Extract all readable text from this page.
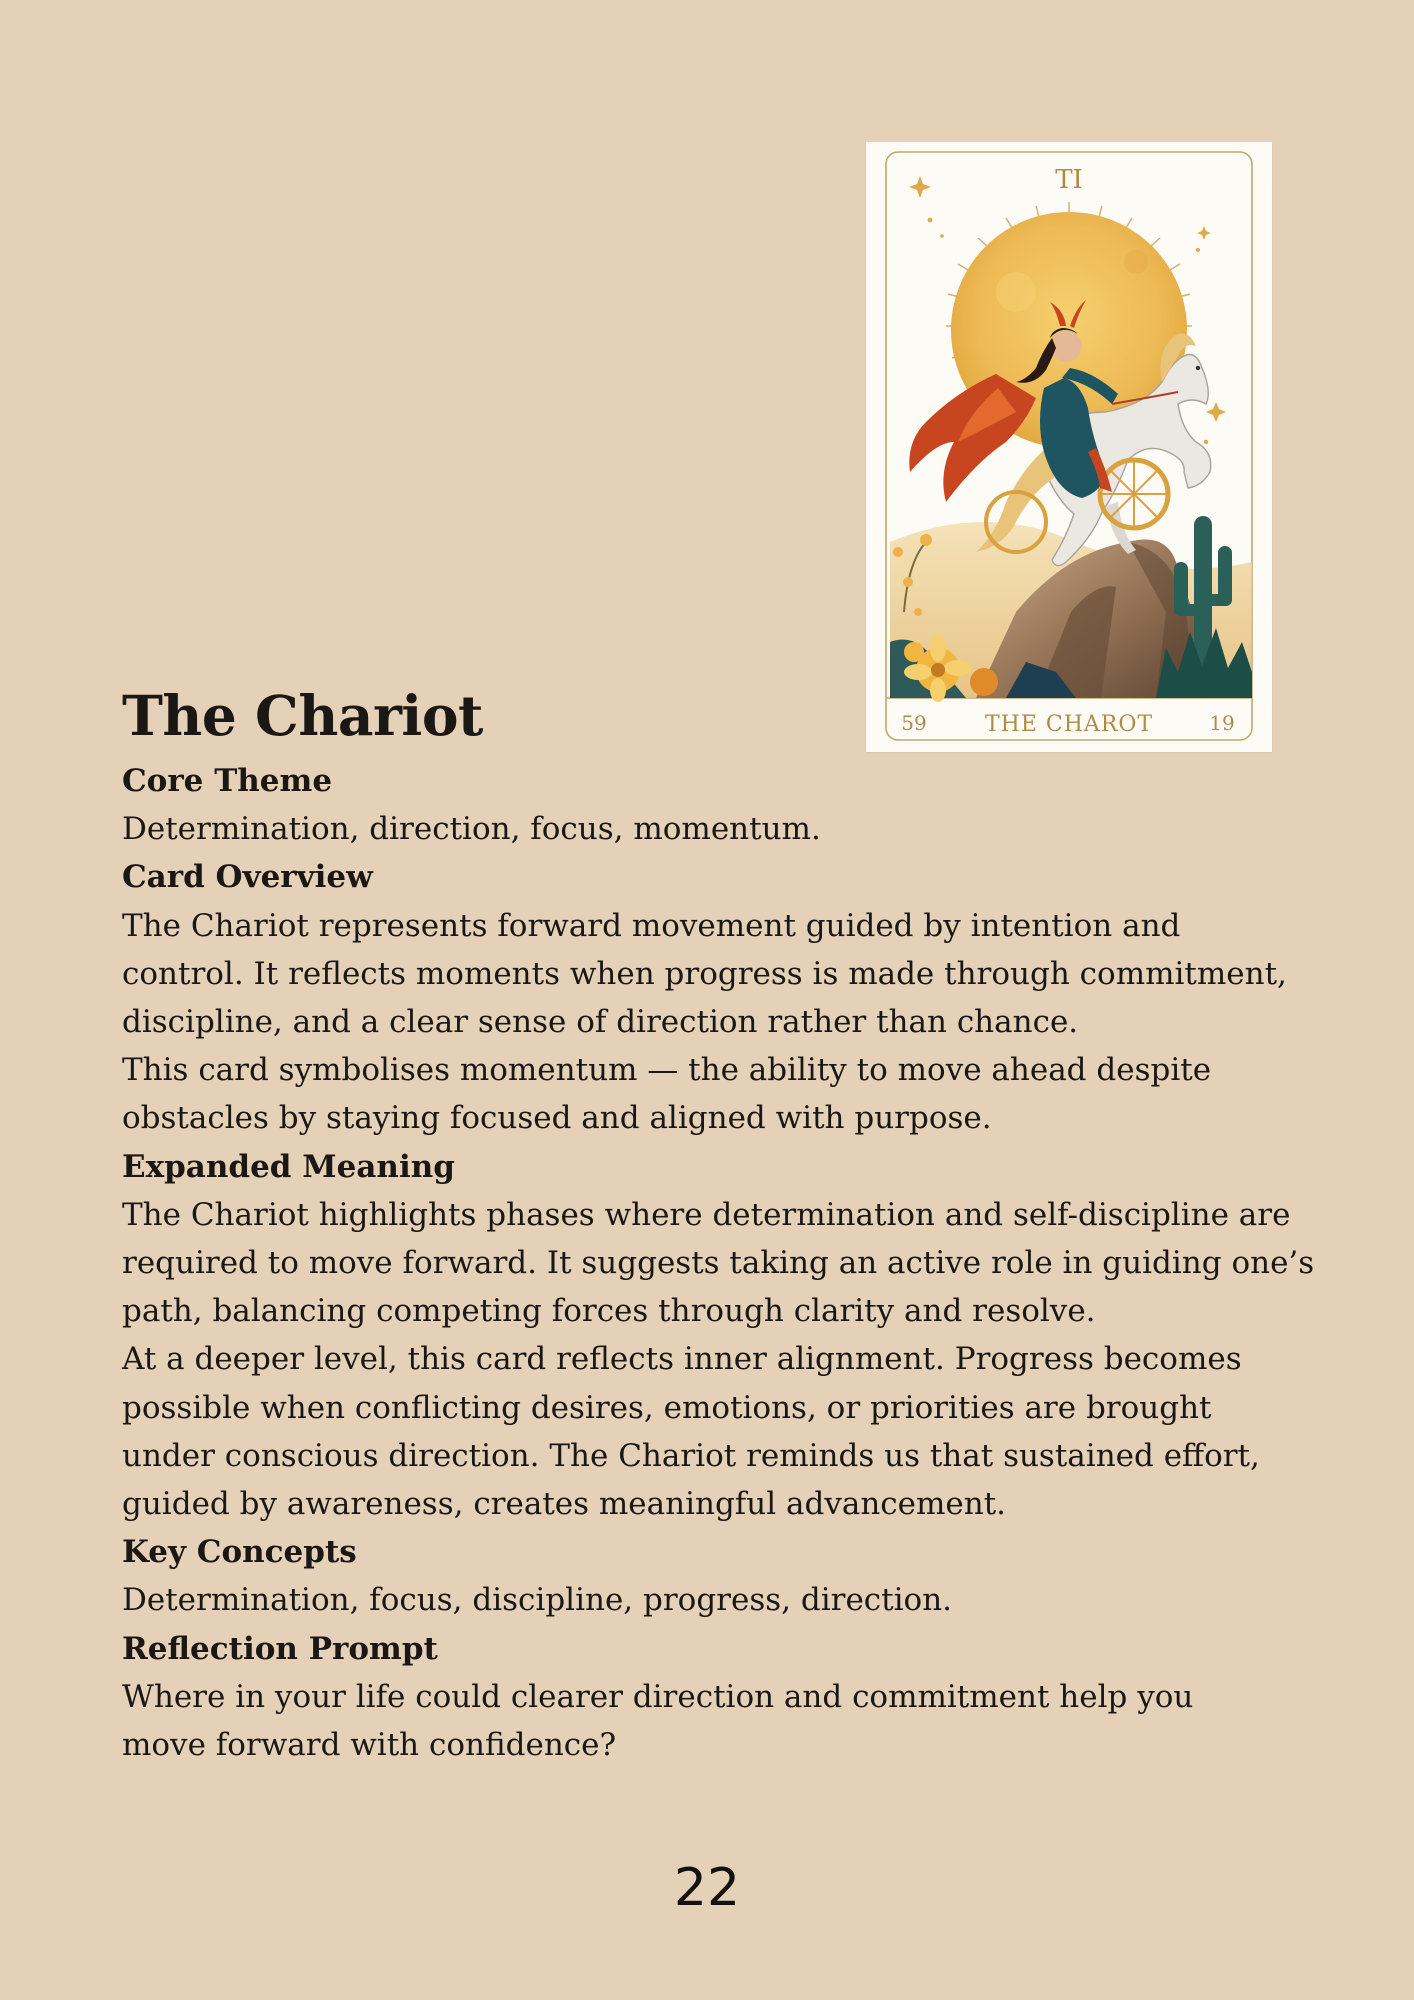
TI
59	THE CHAROT	19
The Chariot
Core Theme
Determination, direction, focus, momentum.
Card Overview
The Chariot represents forward movement guided by intention and
control. It reflects moments when progress is made through commitment,
discipline, and a clear sense of direction rather than chance.
This card symbolises momentum — the ability to move ahead despite
obstacles by staying focused and aligned with purpose.
Expanded Meaning
The Chariot highlights phases where determination and self-discipline are
required to move forward. It suggests taking an active role in guiding one’s
path, balancing competing forces through clarity and resolve.
At a deeper level, this card reflects inner alignment. Progress becomes
possible when conflicting desires, emotions, or priorities are brought
under conscious direction. The Chariot reminds us that sustained effort,
guided by awareness, creates meaningful advancement.
Key Concepts
Determination, focus, discipline, progress, direction.
Reflection Prompt
Where in your life could clearer direction and commitment help you
move forward with confidence?
22
